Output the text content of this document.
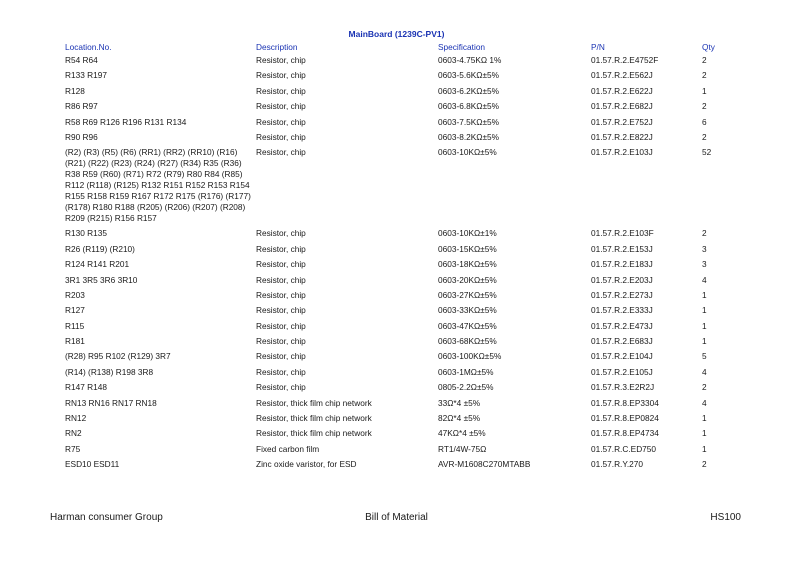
MainBoard (1239C-PV1)
Location.No.	Description	Specification	P/N	Qty
R54 R64	Resistor, chip	0603-4.75KΩ 1%	01.57.R.2.E4752F	2
R133 R197	Resistor, chip	0603-5.6KΩ±5%	01.57.R.2.E562J	2
R128	Resistor, chip	0603-6.2KΩ±5%	01.57.R.2.E622J	1
R86 R97	Resistor, chip	0603-6.8KΩ±5%	01.57.R.2.E682J	2
R58 R69 R126 R196 R131 R134	Resistor, chip	0603-7.5KΩ±5%	01.57.R.2.E752J	6
R90 R96	Resistor, chip	0603-8.2KΩ±5%	01.57.R.2.E822J	2
(R2) (R3) (R5) (R6) (RR1) (RR2) (RR10) (R16) (R21) (R22) (R23) (R24) (R27) (R34) R35 (R36) R38 R59 (R60) (R71) R72 (R79) R80 R84 (R85) R112 (R118) (R125) R132 R151 R152 R153 R154 R155 R158 R159 R167 R172 R175 (R176) (R177) (R178) R180 R188 (R205) (R206) (R207) (R208) R209 (R215) R156 R157	Resistor, chip	0603-10KΩ±5%	01.57.R.2.E103J	52
R130 R135	Resistor, chip	0603-10KΩ±1%	01.57.R.2.E103F	2
R26 (R119) (R210)	Resistor, chip	0603-15KΩ±5%	01.57.R.2.E153J	3
R124 R141 R201	Resistor, chip	0603-18KΩ±5%	01.57.R.2.E183J	3
3R1 3R5 3R6 3R10	Resistor, chip	0603-20KΩ±5%	01.57.R.2.E203J	4
R203	Resistor, chip	0603-27KΩ±5%	01.57.R.2.E273J	1
R127	Resistor, chip	0603-33KΩ±5%	01.57.R.2.E333J	1
R115	Resistor, chip	0603-47KΩ±5%	01.57.R.2.E473J	1
R181	Resistor, chip	0603-68KΩ±5%	01.57.R.2.E683J	1
(R28) R95 R102 (R129) 3R7	Resistor, chip	0603-100KΩ±5%	01.57.R.2.E104J	5
(R14) (R138) R198 3R8	Resistor, chip	0603-1MΩ±5%	01.57.R.2.E105J	4
R147 R148	Resistor, chip	0805-2.2Ω±5%	01.57.R.3.E2R2J	2
RN13 RN16 RN17 RN18	Resistor, thick film chip network	33Ω*4 ±5%	01.57.R.8.EP3304	4
RN12	Resistor, thick film chip network	82Ω*4 ±5%	01.57.R.8.EP0824	1
RN2	Resistor, thick film chip network	47KΩ*4 ±5%	01.57.R.8.EP4734	1
R75	Fixed carbon film	RT1/4W-75Ω	01.57.R.C.ED750	1
ESD10 ESD11	Zinc oxide varistor, for ESD	AVR-M1608C270MTABB	01.57.R.Y.270	2
Harman consumer Group	Bill of Material	HS100
